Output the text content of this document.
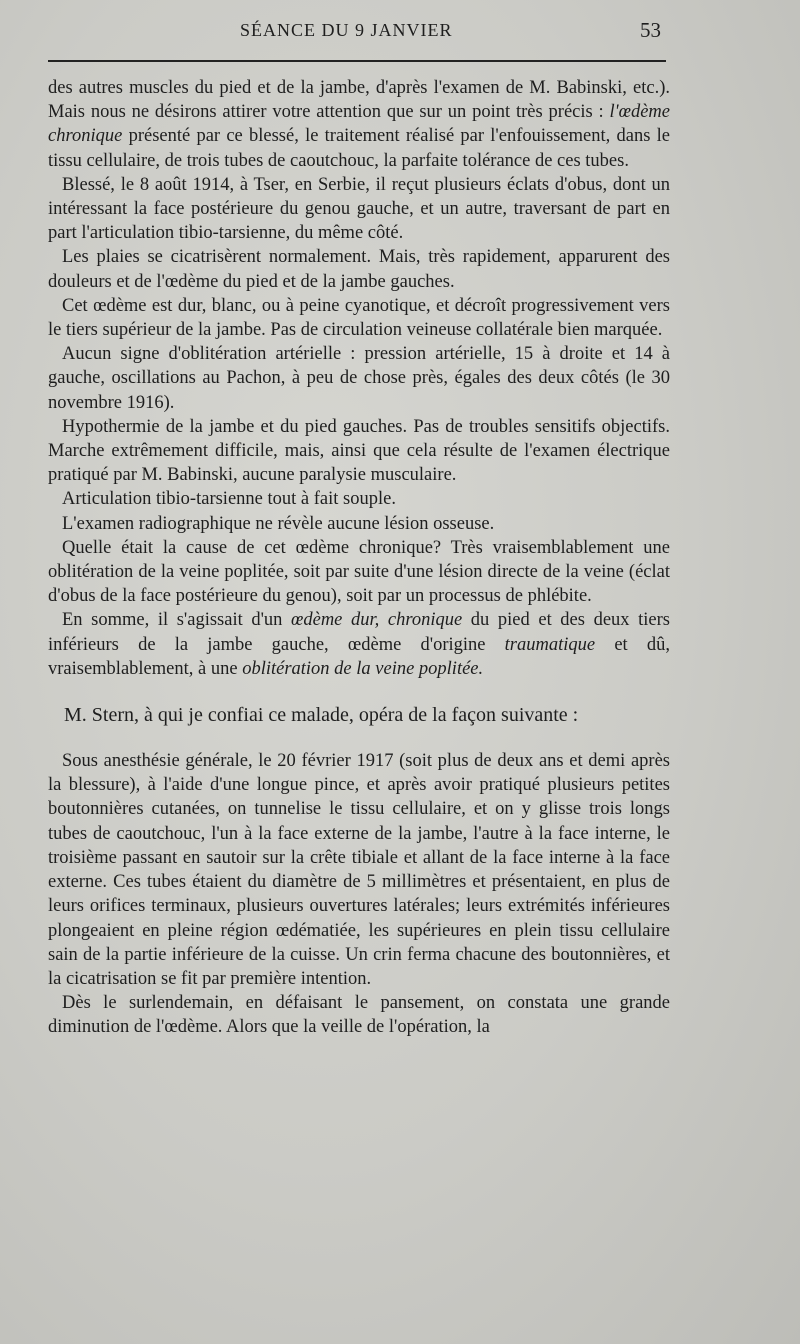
SÉANCE DU 9 JANVIER	53

des autres muscles du pied et de la jambe, d'après l'examen de M. Babinski, etc.). Mais nous ne désirons attirer votre attention que sur un point très précis : l'œdème chronique présenté par ce blessé, le traitement réalisé par l'enfouissement, dans le tissu cellulaire, de trois tubes de caoutchouc, la parfaite tolérance de ces tubes.

Blessé, le 8 août 1914, à Tser, en Serbie, il reçut plusieurs éclats d'obus, dont un intéressant la face postérieure du genou gauche, et un autre, traversant de part en part l'articulation tibio-tarsienne, du même côté.

Les plaies se cicatrisèrent normalement. Mais, très rapidement, apparurent des douleurs et de l'œdème du pied et de la jambe gauches.

Cet œdème est dur, blanc, ou à peine cyanotique, et décroît progressivement vers le tiers supérieur de la jambe. Pas de circulation veineuse collatérale bien marquée.

Aucun signe d'oblitération artérielle : pression artérielle, 15 à droite et 14 à gauche, oscillations au Pachon, à peu de chose près, égales des deux côtés (le 30 novembre 1916).

Hypothermie de la jambe et du pied gauches. Pas de troubles sensitifs objectifs. Marche extrêmement difficile, mais, ainsi que cela résulte de l'examen électrique pratiqué par M. Babinski, aucune paralysie musculaire.

Articulation tibio-tarsienne tout à fait souple.

L'examen radiographique ne révèle aucune lésion osseuse.

Quelle était la cause de cet œdème chronique? Très vraisemblablement une oblitération de la veine poplitée, soit par suite d'une lésion directe de la veine (éclat d'obus de la face postérieure du genou), soit par un processus de phlébite.

En somme, il s'agissait d'un œdème dur, chronique du pied et des deux tiers inférieurs de la jambe gauche, œdème d'origine traumatique et dû, vraisemblablement, à une oblitération de la veine poplitée.

M. Stern, à qui je confiai ce malade, opéra de la façon suivante :

Sous anesthésie générale, le 20 février 1917 (soit plus de deux ans et demi après la blessure), à l'aide d'une longue pince, et après avoir pratiqué plusieurs petites boutonnières cutanées, on tunnelise le tissu cellulaire, et on y glisse trois longs tubes de caoutchouc, l'un à la face externe de la jambe, l'autre à la face interne, le troisième passant en sautoir sur la crête tibiale et allant de la face interne à la face externe. Ces tubes étaient du diamètre de 5 millimètres et présentaient, en plus de leurs orifices terminaux, plusieurs ouvertures latérales; leurs extrémités inférieures plongeaient en pleine région œdématiée, les supérieures en plein tissu cellulaire sain de la partie inférieure de la cuisse. Un crin ferma chacune des boutonnières, et la cicatrisation se fit par première intention.

Dès le surlendemain, en défaisant le pansement, on constata une grande diminution de l'œdème. Alors que la veille de l'opération, la
